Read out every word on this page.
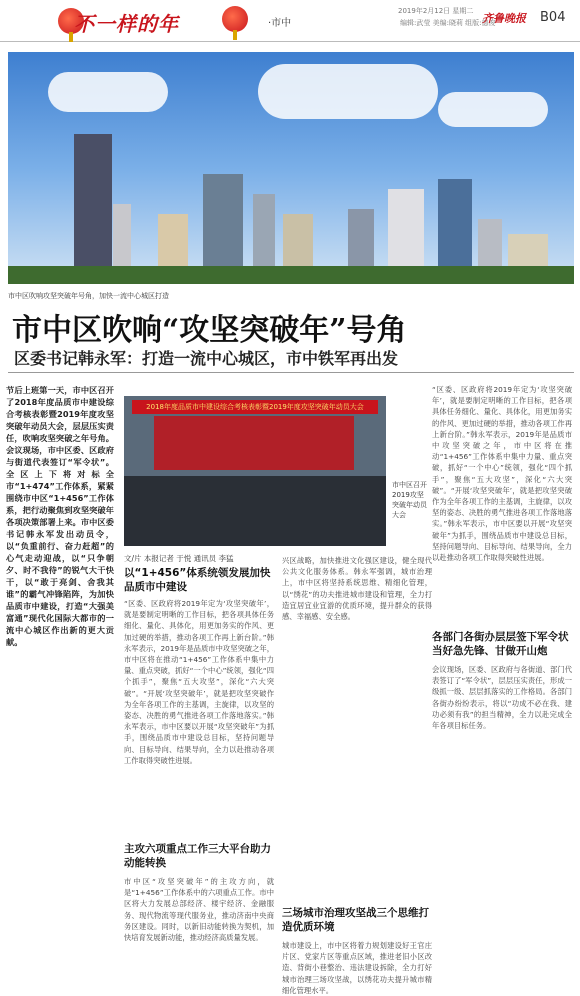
不一样的年	·市中
2019年2月12日 星期二
编辑:武莹 美编:晓莉 组版:德俊
齐鲁晚报 B04
市中区吹响攻坚突破年号角，加快一流中心城区打造
市中区吹响“攻坚突破年”号角
区委书记韩永军：打造一流中心城区，市中铁军再出发
节后上班第一天，市中区召开了2018年度品质市中建设综合考核表彰暨2019年度攻坚突破年动员大会，层层压实责任，吹响攻坚突破之年号角。会议现场，市中区委、区政府与街道代表签订“军令状”。全区上下将对标全市“1+474”工作体系，紧紧围绕市中区“1+456”工作体系，把行动聚焦到攻坚突破年各项决策部署上来。市中区委书记韩永军发出动员令，以“负重前行、奋力赶超”的心气走动迎战，以“只争朝夕、时不我待”的锐气大干快干，以“敢于亮剑、舍我其谁”的霸气冲锋陷阵，为加快品质市中建设，打造“大强美富通”现代化国际大都市的一流中心城区作出新的更大贡献。
2018年度品质市中建设综合考核表彰暨2019年度攻坚突破年动员大会
市中区召开2019攻坚突破年动员大会
文/片 本报记者 于悦 通讯员 李猛
以“1+456”体系统领发展加快品质市中建设
“区委、区政府将2019年定为‘攻坚突破年’，就是要制定明晰的工作目标，把各项具体任务细化、量化、具体化，用更加务实的作风、更加过硬的举措，推动各项工作再上新台阶。”韩永军表示，2019年是品质市中攻坚突破之年，市中区将在推动“1+456”工作体系中集中力量、重点突破，抓好“一个中心”统领，强化“四个抓手”，聚焦“五大攻坚”，深化“六大突破”。“开展‘攻坚突破年’，就是把攻坚突破作为全年各项工作的主基调，主旋律，以攻坚的姿态、决胜的勇气推进各项工作落地落实。”韩永军表示，市中区要以开展“攻坚突破年”为抓手，围绕品质市中建设总目标，坚持问题导向、目标导向、结果导向，全力以赴推动各项工作取得突破性进展。
主攻六项重点工作三大平台助力动能转换
市中区“攻坚突破年”的主攻方向，就是“1+456”工作体系中的六项重点工作。市中区将大力发展总部经济、楼宇经济、金融服务、现代物流等现代服务业，推动济南中央商务区建设。同时，以新旧动能转换为契机，加快培育发展新动能，推动经济高质量发展。
兴区战略，加快推进文化强区建设，健全现代公共文化服务体系。韩永军强调，城市治理上，市中区将坚持系统思维、精细化管理，以“绣花”的功夫推进城市建设和管理，全力打造宜居宜业宜游的优质环境，提升群众的获得感、幸福感、安全感。
三场城市治理攻坚战三个思维打造优质环境
城市建设上，市中区将着力规划建设好王官庄片区、党家片区等重点区域，推进老旧小区改造、背街小巷整治、违法建设拆除，全力打好城市治理三场攻坚战，以绣花功夫提升城市精细化管理水平。
“区委、区政府将2019年定为‘攻坚突破年’，就是要制定明晰的工作目标，把各项具体任务细化、量化、具体化，用更加务实的作风、更加过硬的举措，推动各项工作再上新台阶。”韩永军表示，2019年是品质市中攻坚突破之年，市中区将在推动“1+456”工作体系中集中力量、重点突破，抓好“一个中心”统领，强化“四个抓手”，聚焦“五大攻坚”，深化“六大突破”。“开展‘攻坚突破年’，就是把攻坚突破作为全年各项工作的主基调，主旋律，以攻坚的姿态、决胜的勇气推进各项工作落地落实。”韩永军表示，市中区要以开展“攻坚突破年”为抓手，围绕品质市中建设总目标，坚持问题导向、目标导向、结果导向，全力以赴推动各项工作取得突破性进展。
各部门各街办层层签下军令状当好急先锋、甘做开山炮
会议现场，区委、区政府与各街道、部门代表签订了“军令状”，层层压实责任，形成一级抓一级、层层抓落实的工作格局。各部门各街办纷纷表示，将以“功成不必在我、建功必须有我”的担当精神，全力以赴完成全年各项目标任务。
